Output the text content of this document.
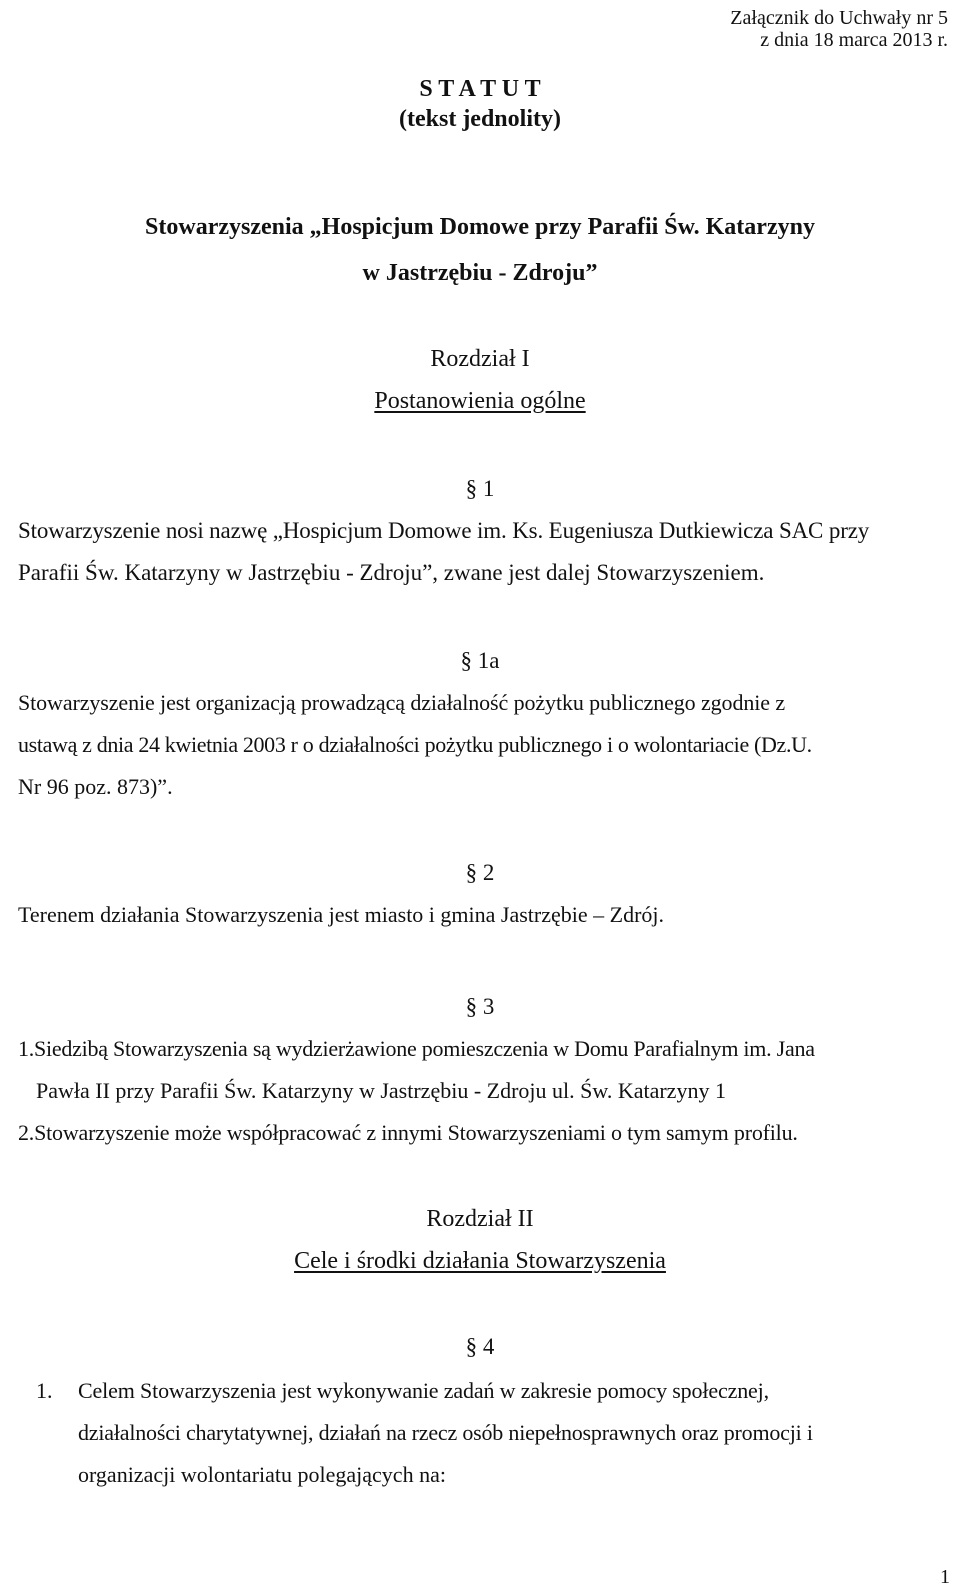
Załącznik do Uchwały nr 5
z dnia 18 marca 2013 r.
S T A T U T
(tekst jednolity)
Stowarzyszenia „Hospicjum Domowe przy Parafii Św. Katarzyny
w Jastrzębiu - Zdroju”
Rozdział I
Postanowienia ogólne
§ 1
Stowarzyszenie nosi nazwę „Hospicjum Domowe im. Ks. Eugeniusza Dutkiewicza SAC przy
Parafii Św. Katarzyny w Jastrzębiu - Zdroju”, zwane jest dalej Stowarzyszeniem.
§ 1a
Stowarzyszenie jest organizacją prowadzącą działalność pożytku publicznego zgodnie z
ustawą z dnia 24 kwietnia 2003 r o działalności pożytku publicznego i o wolontariacie (Dz.U.
Nr 96 poz. 873)”.
§ 2
Terenem działania Stowarzyszenia jest miasto i gmina Jastrzębie – Zdrój.
§ 3
1.Siedzibą Stowarzyszenia są wydzierżawione pomieszczenia w Domu Parafialnym im. Jana
Pawła II przy Parafii Św. Katarzyny w Jastrzębiu - Zdroju ul. Św. Katarzyny 1
2.Stowarzyszenie może współpracować z innymi Stowarzyszeniami o tym samym profilu.
Rozdział II
Cele i środki działania Stowarzyszenia
§ 4
1. Celem Stowarzyszenia jest wykonywanie zadań w zakresie pomocy społecznej,
działalności charytatywnej, działań na rzecz osób niepełnosprawnych oraz promocji i
organizacji wolontariatu polegających na:
1
